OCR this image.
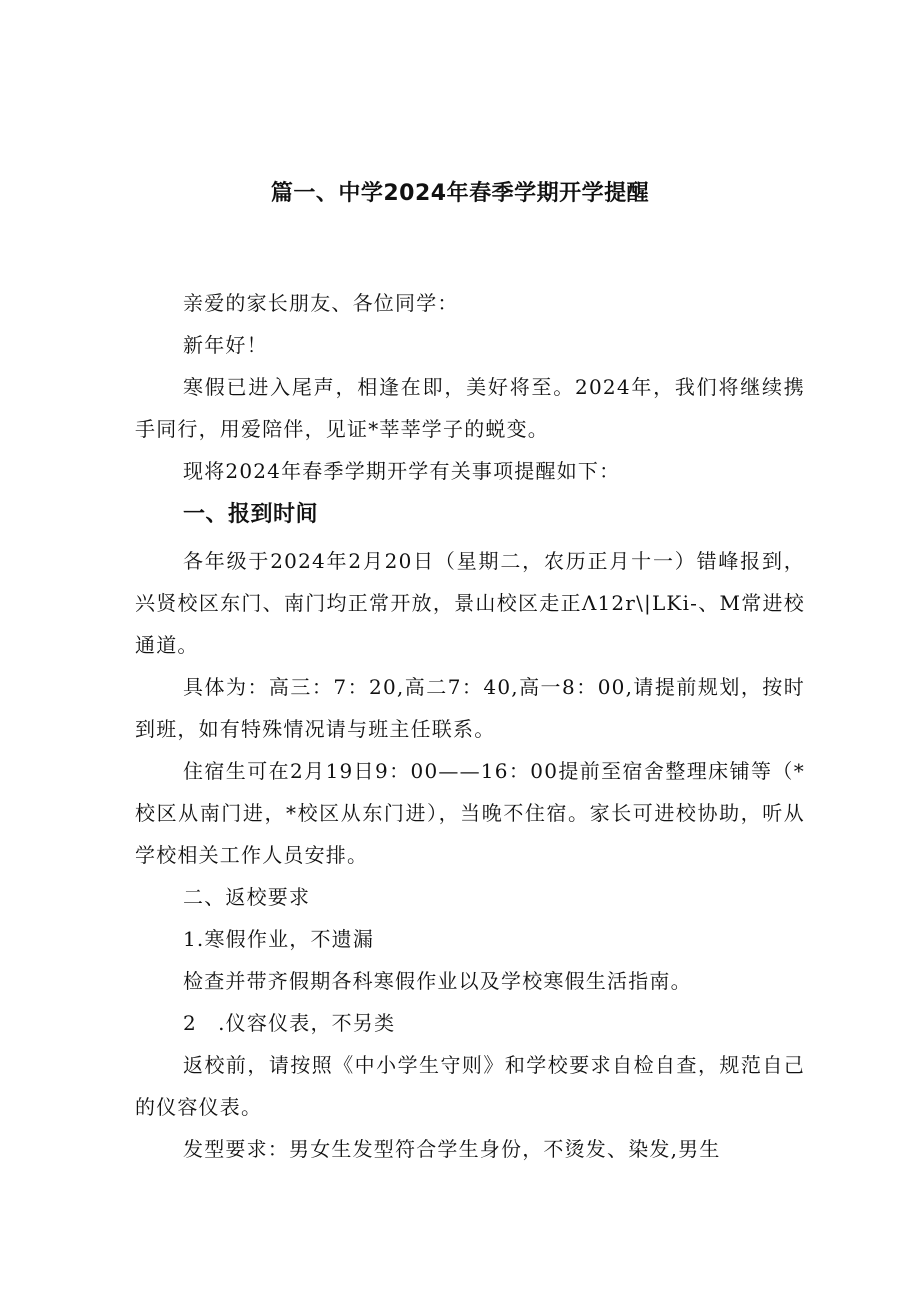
篇一、中学2024年春季学期开学提醒

亲爱的家长朋友、各位同学：

新年好！

寒假已进入尾声，相逢在即，美好将至。2024年，我们将继续携手同行，用爱陪伴，见证*莘莘学子的蜕变。

现将2024年春季学期开学有关事项提醒如下：

一、报到时间

各年级于2024年2月20日（星期二，农历正月十一）错峰报到，兴贤校区东门、南门均正常开放，景山校区走正Λ12r\|LKi-、M常进校通道。

具体为：高三：7：20,高二7：40,高一8：00,请提前规划，按时到班，如有特殊情况请与班主任联系。

住宿生可在2月19日9：00——16：00提前至宿舍整理床铺等（*校区从南门进，*校区从东门进），当晚不住宿。家长可进校协助，听从学校相关工作人员安排。

二、返校要求

1.寒假作业，不遗漏

检查并带齐假期各科寒假作业以及学校寒假生活指南。

2　.仪容仪表，不另类

返校前，请按照《中小学生守则》和学校要求自检自查，规范自己的仪容仪表。

发型要求：男女生发型符合学生身份，不烫发、染发,男生
